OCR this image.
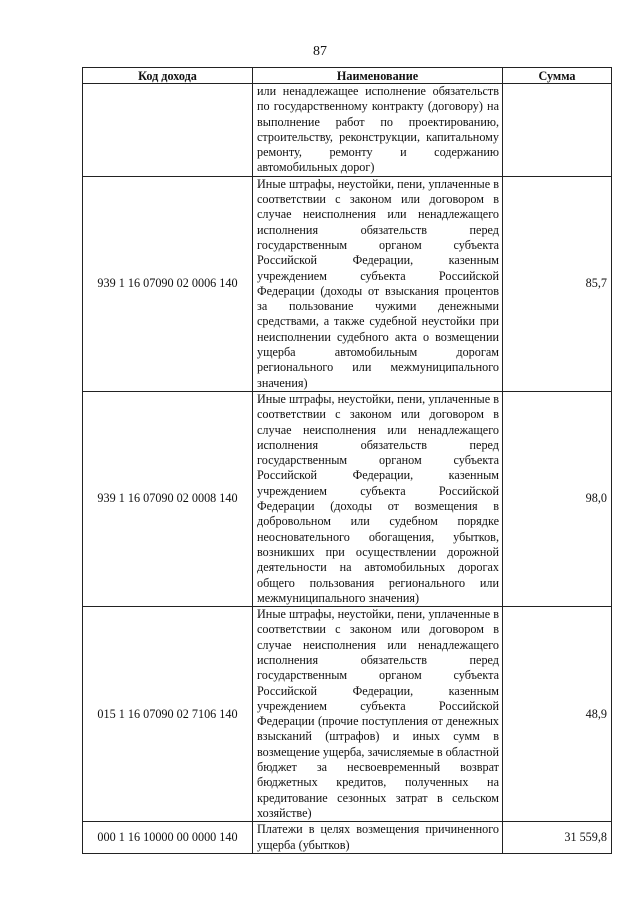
87
Код дохода	Наименование	Сумма
	или ненадлежащее исполнение обязательств по государственному контракту (договору) на выполнение работ по проектированию, строительству, реконструкции, капитальному ремонту, ремонту и содержанию автомобильных дорог)	
939 1 16 07090 02 0006 140	Иные штрафы, неустойки, пени, уплаченные в соответствии с законом или договором в случае неисполнения или ненадлежащего исполнения обязательств перед государственным органом субъекта Российской Федерации, казенным учреждением субъекта Российской Федерации (доходы от взыскания процентов за пользование чужими денежными средствами, а также судебной неустойки при неисполнении судебного акта о возмещении ущерба автомобильным дорогам регионального или межмуниципального значения)	85,7
939 1 16 07090 02 0008 140	Иные штрафы, неустойки, пени, уплаченные в соответствии с законом или договором в случае неисполнения или ненадлежащего исполнения обязательств перед государственным органом субъекта Российской Федерации, казенным учреждением субъекта Российской Федерации (доходы от возмещения в добровольном или судебном порядке неосновательного обогащения, убытков, возникших при осуществлении дорожной деятельности на автомобильных дорогах общего пользования регионального или межмуниципального значения)	98,0
015 1 16 07090 02 7106 140	Иные штрафы, неустойки, пени, уплаченные в соответствии с законом или договором в случае неисполнения или ненадлежащего исполнения обязательств перед государственным органом субъекта Российской Федерации, казенным учреждением субъекта Российской Федерации (прочие поступления от денежных взысканий (штрафов) и иных сумм в возмещение ущерба, зачисляемые в областной бюджет за несвоевременный возврат бюджетных кредитов, полученных на кредитование сезонных затрат в сельском хозяйстве)	48,9
000 1 16 10000 00 0000 140	Платежи в целях возмещения причиненного ущерба (убытков)	31 559,8
